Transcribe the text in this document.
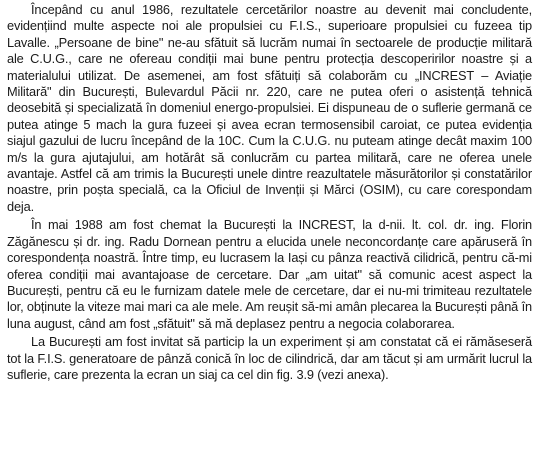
Începând cu anul 1986, rezultatele cercetărilor noastre au devenit mai concludente, evidențiind multe aspecte noi ale propulsiei cu F.I.S., superioare propulsiei cu fuzeea tip Lavalle. „Persoane de bine" ne-au sfătuit să lucrăm numai în sectoarele de producție militară ale C.U.G., care ne ofereau condiții mai bune pentru protecția descoperirilor noastre și a materialului utilizat. De asemenei, am fost sfătuiți să colaborăm cu „INCREST – Aviație Militară" din București, Bulevardul Păcii nr. 220, care ne putea oferi o asistență tehnică deosebită și specializată în domeniul energo-propulsiei. Ei dispuneau de o suflerie germană ce putea atinge 5 mach la gura fuzeei și avea ecran termosensibil caroiat, ce putea evidenția siajul gazului de lucru începând de la 10C. Cum la C.U.G. nu puteam atinge decât maxim 100 m/s la gura ajutajului, am hotărât să conlucrăm cu partea militară, care ne oferea unele avantaje. Astfel că am trimis la București unele dintre reazultatele măsurătorilor și constatărilor noastre, prin poșta specială, ca la Oficiul de Invenții și Mărci (OSIM), cu care corespondam deja.

În mai 1988 am fost chemat la București la INCREST, la d-nii. lt. col. dr. ing. Florin Zăgănescu și dr. ing. Radu Dornean pentru a elucida unele neconcordanțe care apăruseră în corespondența noastră. Între timp, eu lucrasem la Iași cu pânza reactivă cilidrică, pentru că-mi oferea condiții mai avantajoase de cercetare. Dar „am uitat" să comunic acest aspect la București, pentru că eu le furnizam datele mele de cercetare, dar ei nu-mi trimiteau rezultatele lor, obținute la viteze mai mari ca ale mele. Am reușit să-mi amân plecarea la București până în luna august, când am fost „sfătuit" să mă deplasez pentru a negocia colaborarea.

La București am fost invitat să particip la un experiment și am constatat că ei rămăseseră tot la F.I.S. generatoare de pânză conică în loc de cilindrică, dar am tăcut și am urmărit lucrul la suflerie, care prezenta la ecran un siaj ca cel din fig. 3.9 (vezi anexa).
